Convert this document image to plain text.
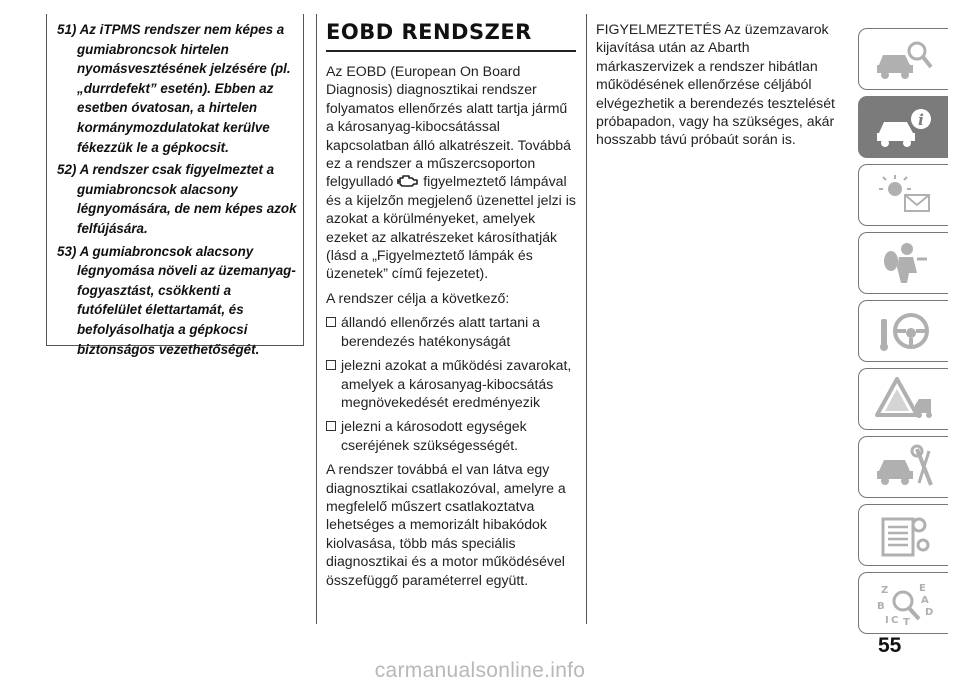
51) Az iTPMS rendszer nem képes a gumiabroncsok hirtelen nyomásvesztésének jelzésére (pl. „durrdefekt” esetén). Ebben az esetben óvatosan, a hirtelen kormánymozdulatokat kerülve fékezzük le a gépkocsit.

52) A rendszer csak figyelmeztet a gumiabroncsok alacsony légnyomására, de nem képes azok felfújására.

53) A gumiabroncsok alacsony légnyomása növeli az üzemanyag-fogyasztást, csökkenti a futófelület élettartamát, és befolyásolhatja a gépkocsi biztonságos vezethetőségét.

EOBD RENDSZER

Az EOBD (European On Board Diagnosis) diagnosztikai rendszer folyamatos ellenőrzés alatt tartja jármű a károsanyag-kibocsátással kapcsolatban álló alkatrészeit. Továbbá ez a rendszer a műszercsoporton felgyulladó figyelmeztető lámpával és a kijelzőn megjelenő üzenettel jelzi is azokat a körülményeket, amelyek ezeket az alkatrészeket károsíthatják (lásd a „Figyelmeztető lámpák és üzenetek” című fejezetet).

A rendszer célja a következő:

állandó ellenőrzés alatt tartani a berendezés hatékonyságát
jelezni azokat a működési zavarokat, amelyek a károsanyag-kibocsátás megnövekedését eredményezik
jelezni a károsodott egységek cseréjének szükségességét.

A rendszer továbbá el van látva egy diagnosztikai csatlakozóval, amelyre a megfelelő műszert csatlakoztatva lehetséges a memorizált hibakódok kiolvasása, több más speciális diagnosztikai és a motor működésével összefüggő paraméterrel együtt.

FIGYELMEZTETÉS Az üzemzavarok kijavítása után az Abarth márkaszervizek a rendszer hibátlan működésének ellenőrzése céljából elvégezhetik a berendezés tesztelését próbapadon, vagy ha szükséges, akár hosszabb távú próbaút során is.

i
Z	E
A
B
D
I C T
55
carmanualsonline.info
